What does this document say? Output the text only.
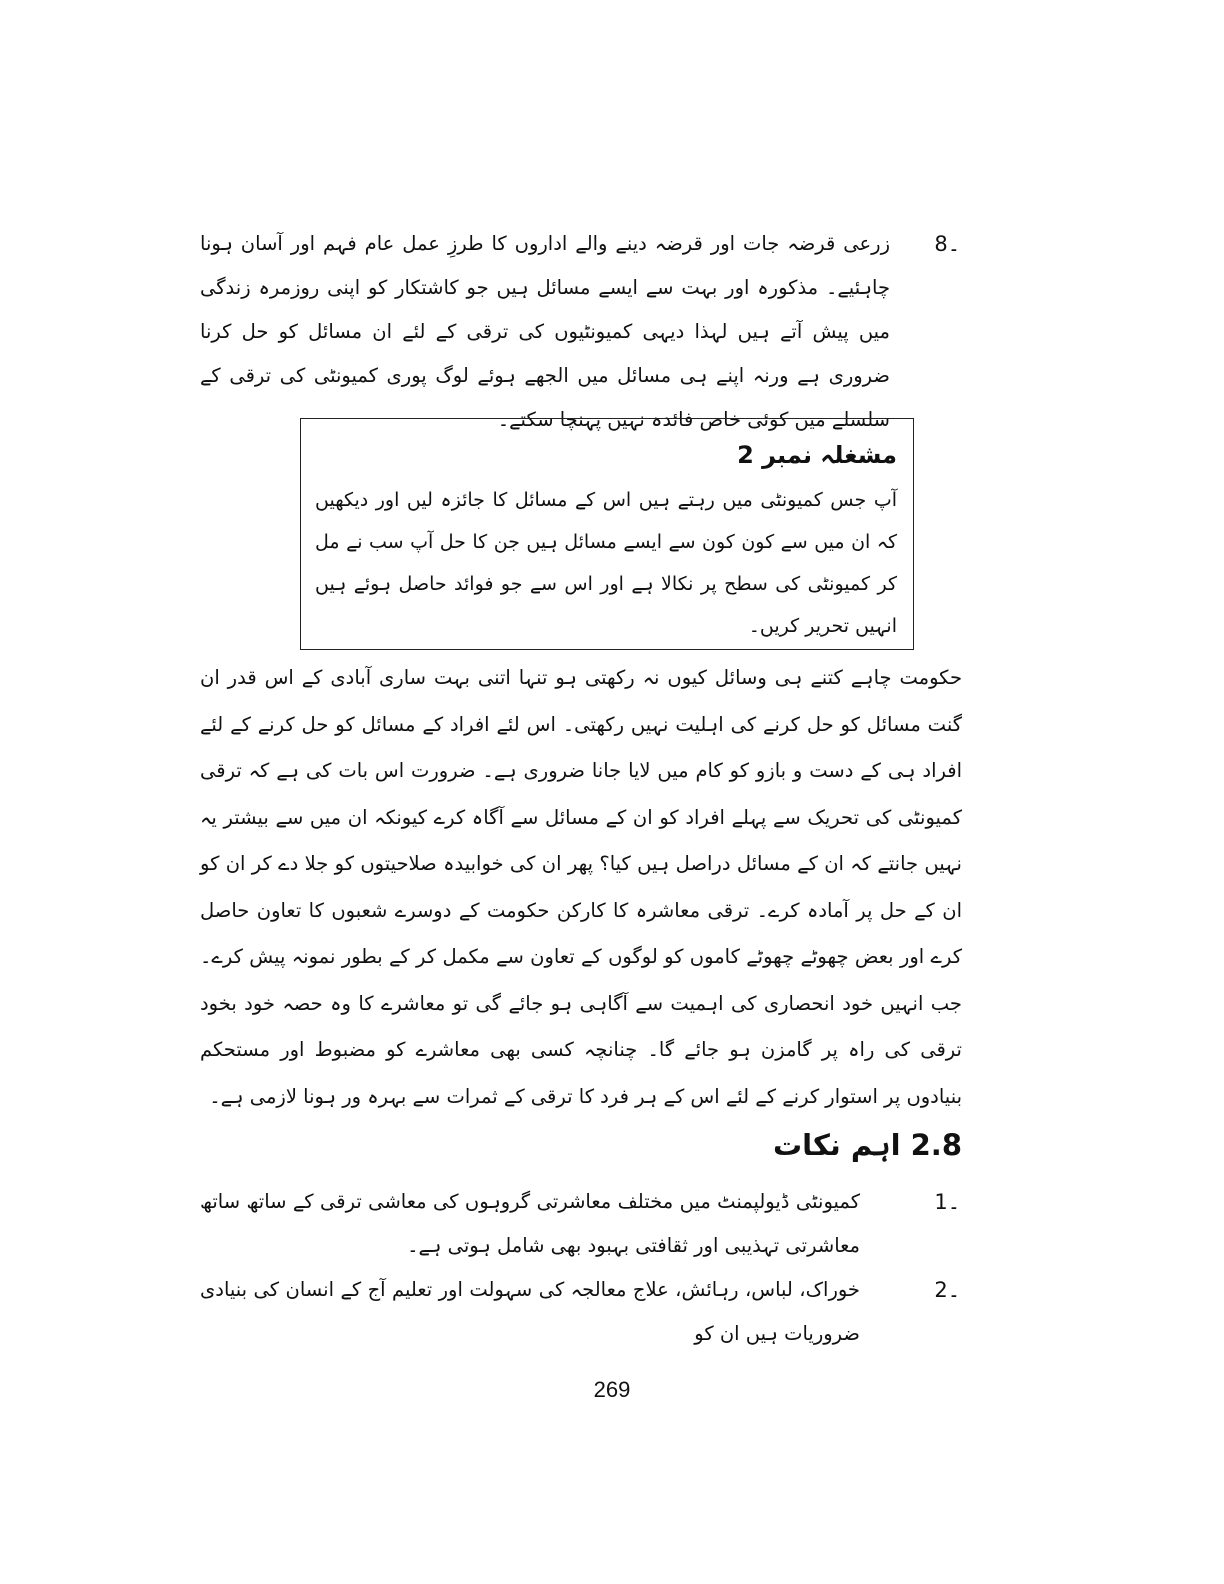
8۔
زرعی قرضہ جات اور قرضہ دینے والے اداروں کا طرزِ عمل عام فہم اور آسان ہونا چاہئیے۔ مذکورہ اور بہت سے ایسے مسائل ہیں جو کاشتکار کو اپنی روزمرہ زندگی میں پیش آتے ہیں لہذا دیہی کمیونٹیوں کی ترقی کے لئے ان مسائل کو حل کرنا ضروری ہے ورنہ اپنے ہی مسائل میں الجھے ہوئے لوگ پوری کمیونٹی کی ترقی کے سلسلے میں کوئی خاص فائدہ نہیں پہنچا سکتے۔
مشغلہ نمبر 2
آپ جس کمیونٹی میں رہتے ہیں اس کے مسائل کا جائزہ لیں اور دیکھیں کہ ان میں سے کون کون سے ایسے مسائل ہیں جن کا حل آپ سب نے مل کر کمیونٹی کی سطح پر نکالا ہے اور اس سے جو فوائد حاصل ہوئے ہیں انہیں تحریر کریں۔
حکومت چاہے کتنے ہی وسائل کیوں نہ رکھتی ہو تنہا اتنی بہت ساری آبادی کے اس قدر ان گنت مسائل کو حل کرنے کی اہلیت نہیں رکھتی۔ اس لئے افراد کے مسائل کو حل کرنے کے لئے افراد ہی کے دست و بازو کو کام میں لایا جانا ضروری ہے۔ ضرورت اس بات کی ہے کہ ترقی کمیونٹی کی تحریک سے پہلے افراد کو ان کے مسائل سے آگاہ کرے کیونکہ ان میں سے بیشتر یہ نہیں جانتے کہ ان کے مسائل دراصل ہیں کیا؟ پھر ان کی خوابیدہ صلاحیتوں کو جلا دے کر ان کو ان کے حل پر آمادہ کرے۔ ترقی معاشرہ کا کارکن حکومت کے دوسرے شعبوں کا تعاون حاصل کرے اور بعض چھوٹے چھوٹے کاموں کو لوگوں کے تعاون سے مکمل کر کے بطور نمونہ پیش کرے۔ جب انہیں خود انحصاری کی اہمیت سے آگاہی ہو جائے گی تو معاشرے کا وہ حصہ خود بخود ترقی کی راہ پر گامزن ہو جائے گا۔ چنانچہ کسی بھی معاشرے کو مضبوط اور مستحکم بنیادوں پر استوار کرنے کے لئے اس کے ہر فرد کا ترقی کے ثمرات سے بہرہ ور ہونا لازمی ہے۔
2.8 اہم نکات
1۔
کمیونٹی ڈیولپمنٹ میں مختلف معاشرتی گروہوں کی معاشی ترقی کے ساتھ ساتھ معاشرتی تہذیبی اور ثقافتی بہبود بھی شامل ہوتی ہے۔
2۔
خوراک، لباس، رہائش، علاج معالجہ کی سہولت اور تعلیم آج کے انسان کی بنیادی ضروریات ہیں ان کو
269
